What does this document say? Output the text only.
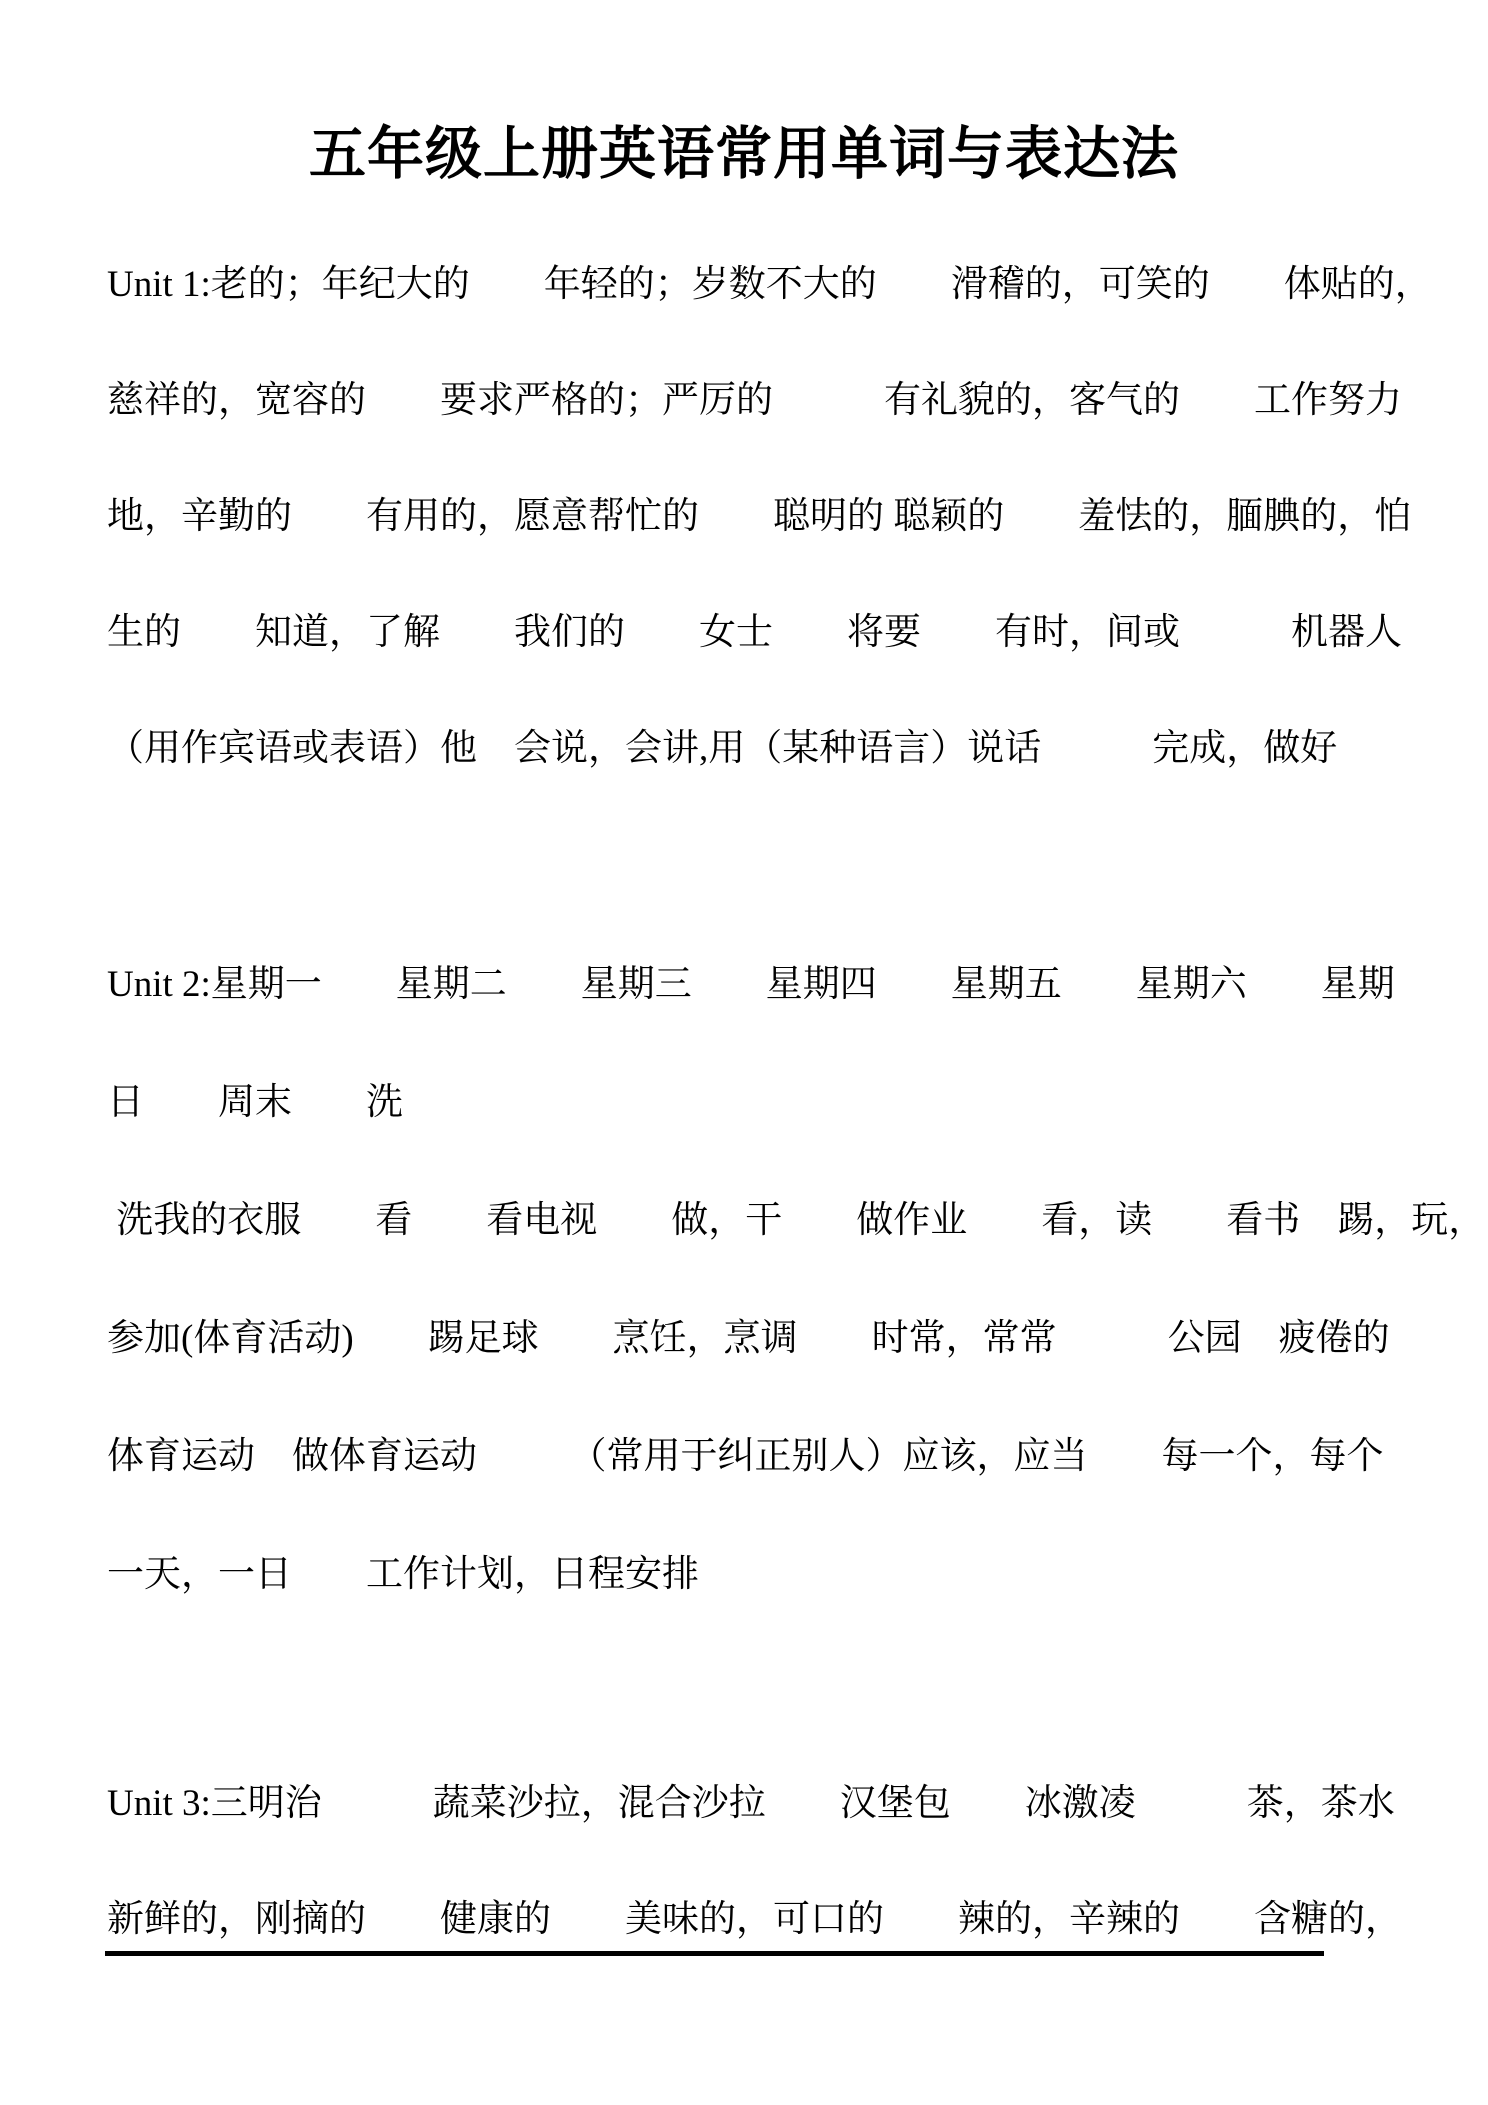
五年级上册英语常用单词与表达法
Unit 1:老的；年纪大的　　年轻的；岁数不大的　　滑稽的，可笑的　　体贴的，
慈祥的，宽容的　　要求严格的；严厉的　　　有礼貌的，客气的　　工作努力
地，辛勤的　　有用的，愿意帮忙的　　聪明的 聪颖的　　羞怯的，腼腆的，怕
生的　　知道，了解　　我们的　　女士　　将要　　有时，间或　　　机器人
（用作宾语或表语）他　会说，会讲,用（某种语言）说话　　　完成，做好
Unit 2:星期一　　星期二　　星期三　　星期四　　星期五　　星期六　　星期
日　　周末　　洗
洗我的衣服　　看　　看电视　　做，干　　做作业　　看，读　　看书　踢，玩，
参加(体育活动)　　踢足球　　烹饪，烹调　　时常，常常　　　公园　疲倦的
体育运动　做体育运动　　　（常用于纠正别人）应该，应当　　每一个，每个
一天，一日　　工作计划，日程安排
Unit 3:三明治　　　蔬菜沙拉，混合沙拉　　汉堡包　　冰激凌　　　茶，茶水
新鲜的，刚摘的　　健康的　　美味的，可口的　　辣的，辛辣的　　含糖的，
